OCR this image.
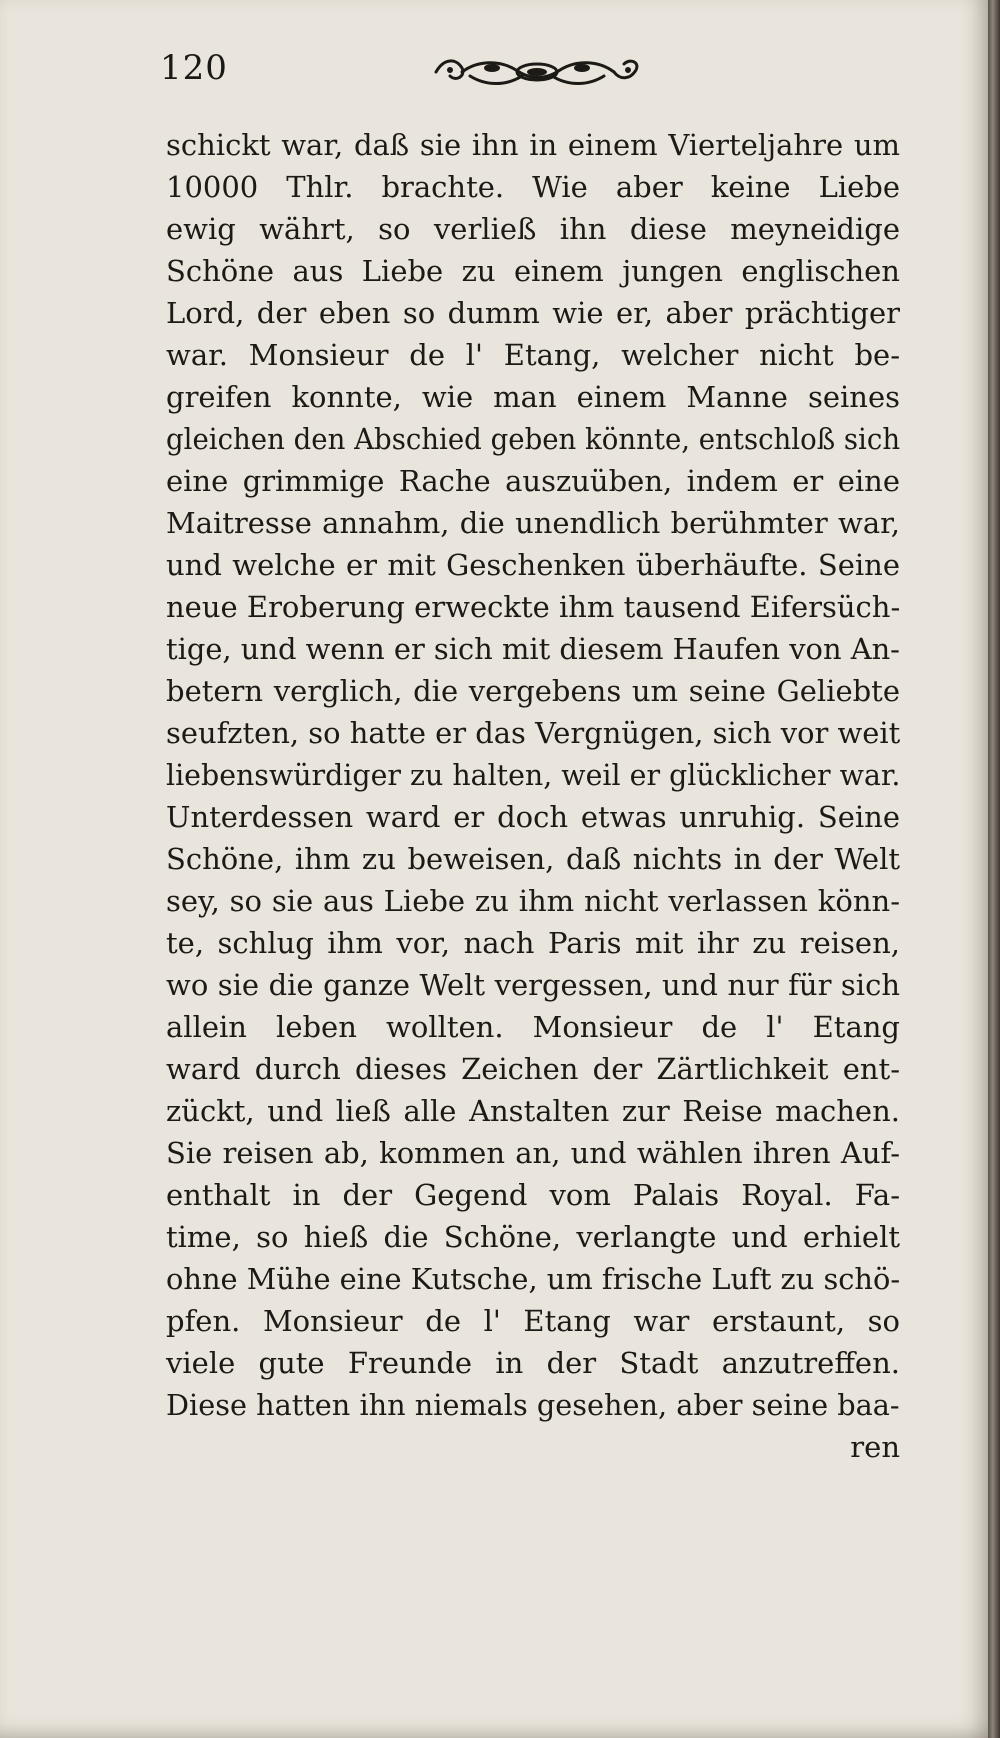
120
schickt war, daß sie ihn in einem Vierteljahre um
10000 Thlr. brachte. Wie aber keine Liebe
ewig währt, so verließ ihn diese meyneidige
Schöne aus Liebe zu einem jungen englischen
Lord, der eben so dumm wie er, aber prächtiger
war. Monsieur de l' Etang, welcher nicht be-
greifen konnte, wie man einem Manne seines
gleichen den Abschied geben könnte, entschloß sich
eine grimmige Rache auszuüben, indem er eine
Maitresse annahm, die unendlich berühmter war,
und welche er mit Geschenken überhäufte. Seine
neue Eroberung erweckte ihm tausend Eifersüch-
tige, und wenn er sich mit diesem Haufen von An-
betern verglich, die vergebens um seine Geliebte
seufzten, so hatte er das Vergnügen, sich vor weit
liebenswürdiger zu halten, weil er glücklicher war.
Unterdessen ward er doch etwas unruhig. Seine
Schöne, ihm zu beweisen, daß nichts in der Welt
sey, so sie aus Liebe zu ihm nicht verlassen könn-
te, schlug ihm vor, nach Paris mit ihr zu reisen,
wo sie die ganze Welt vergessen, und nur für sich
allein leben wollten. Monsieur de l' Etang
ward durch dieses Zeichen der Zärtlichkeit ent-
zückt, und ließ alle Anstalten zur Reise machen.
Sie reisen ab, kommen an, und wählen ihren Auf-
enthalt in der Gegend vom Palais Royal. Fa-
time, so hieß die Schöne, verlangte und erhielt
ohne Mühe eine Kutsche, um frische Luft zu schö-
pfen. Monsieur de l' Etang war erstaunt, so
viele gute Freunde in der Stadt anzutreffen.
Diese hatten ihn niemals gesehen, aber seine baa-
ren
